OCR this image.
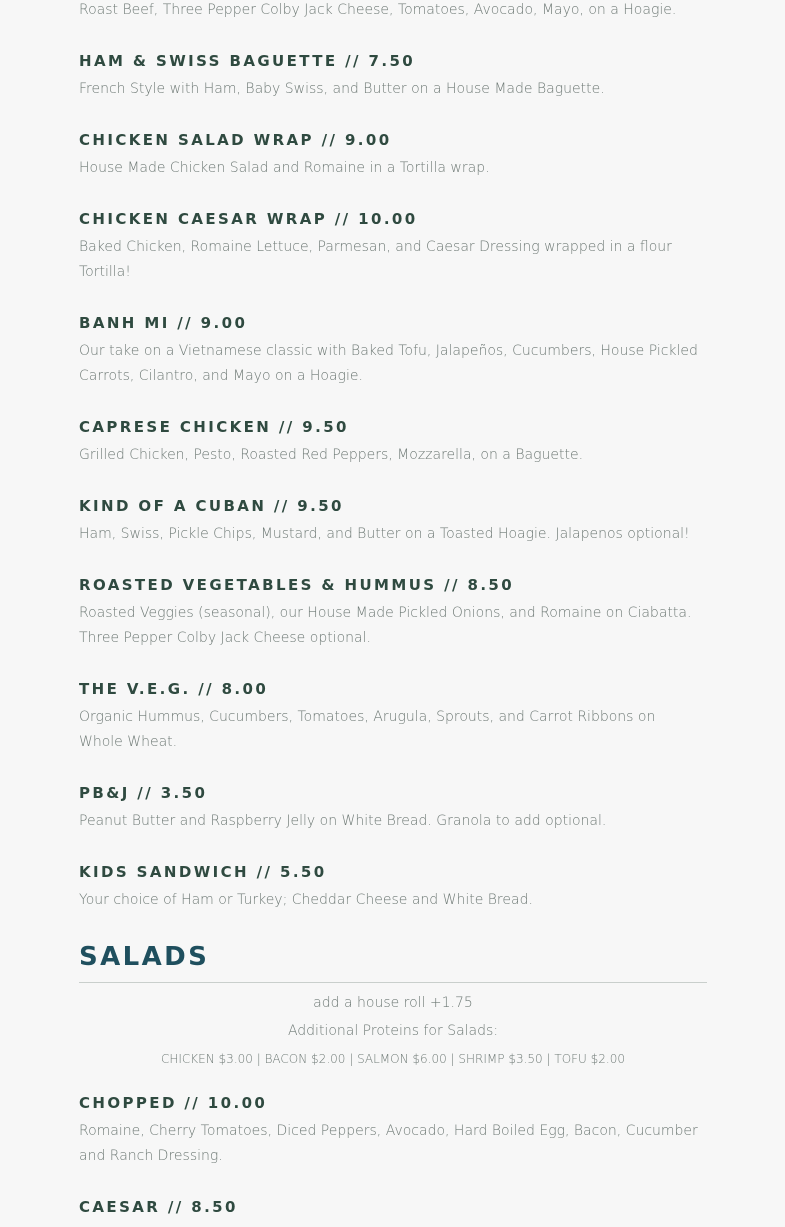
Roast Beef, Three Pepper Colby Jack Cheese, Tomatoes, Avocado, Mayo, on a Hoagie.

HAM & SWISS BAGUETTE // 7.50

French Style with Ham, Baby Swiss, and Butter on a House Made Baguette.

CHICKEN SALAD WRAP // 9.00

House Made Chicken Salad and Romaine in a Tortilla wrap.

CHICKEN CAESAR WRAP // 10.00

Baked Chicken, Romaine Lettuce, Parmesan, and Caesar Dressing wrapped in a flour

Tortilla!

BANH MI // 9.00

Our take on a Vietnamese classic with Baked Tofu, Jalapeños, Cucumbers, House Pickled

Carrots, Cilantro, and Mayo on a Hoagie.

CAPRESE CHICKEN // 9.50

Grilled Chicken, Pesto, Roasted Red Peppers, Mozzarella, on a Baguette.

KIND OF A CUBAN // 9.50

Ham, Swiss, Pickle Chips, Mustard, and Butter on a Toasted Hoagie. Jalapenos optional!

ROASTED VEGETABLES & HUMMUS // 8.50

Roasted Veggies (seasonal), our House Made Pickled Onions, and Romaine on Ciabatta.

Three Pepper Colby Jack Cheese optional.

THE V.E.G. // 8.00

Organic Hummus, Cucumbers, Tomatoes, Arugula, Sprouts, and Carrot Ribbons on

Whole Wheat.

PB&J // 3.50

Peanut Butter and Raspberry Jelly on White Bread. Granola to add optional.

KIDS SANDWICH // 5.50

Your choice of Ham or Turkey; Cheddar Cheese and White Bread.

SALADS
add a house roll +1.75
Additional Proteins for Salads:
CHICKEN $3.00 | BACON $2.00 | SALMON $6.00 | SHRIMP $3.50 | TOFU $2.00
CHOPPED // 10.00

Romaine, Cherry Tomatoes, Diced Peppers, Avocado, Hard Boiled Egg, Bacon, Cucumber

and Ranch Dressing.

CAESAR // 8.50
